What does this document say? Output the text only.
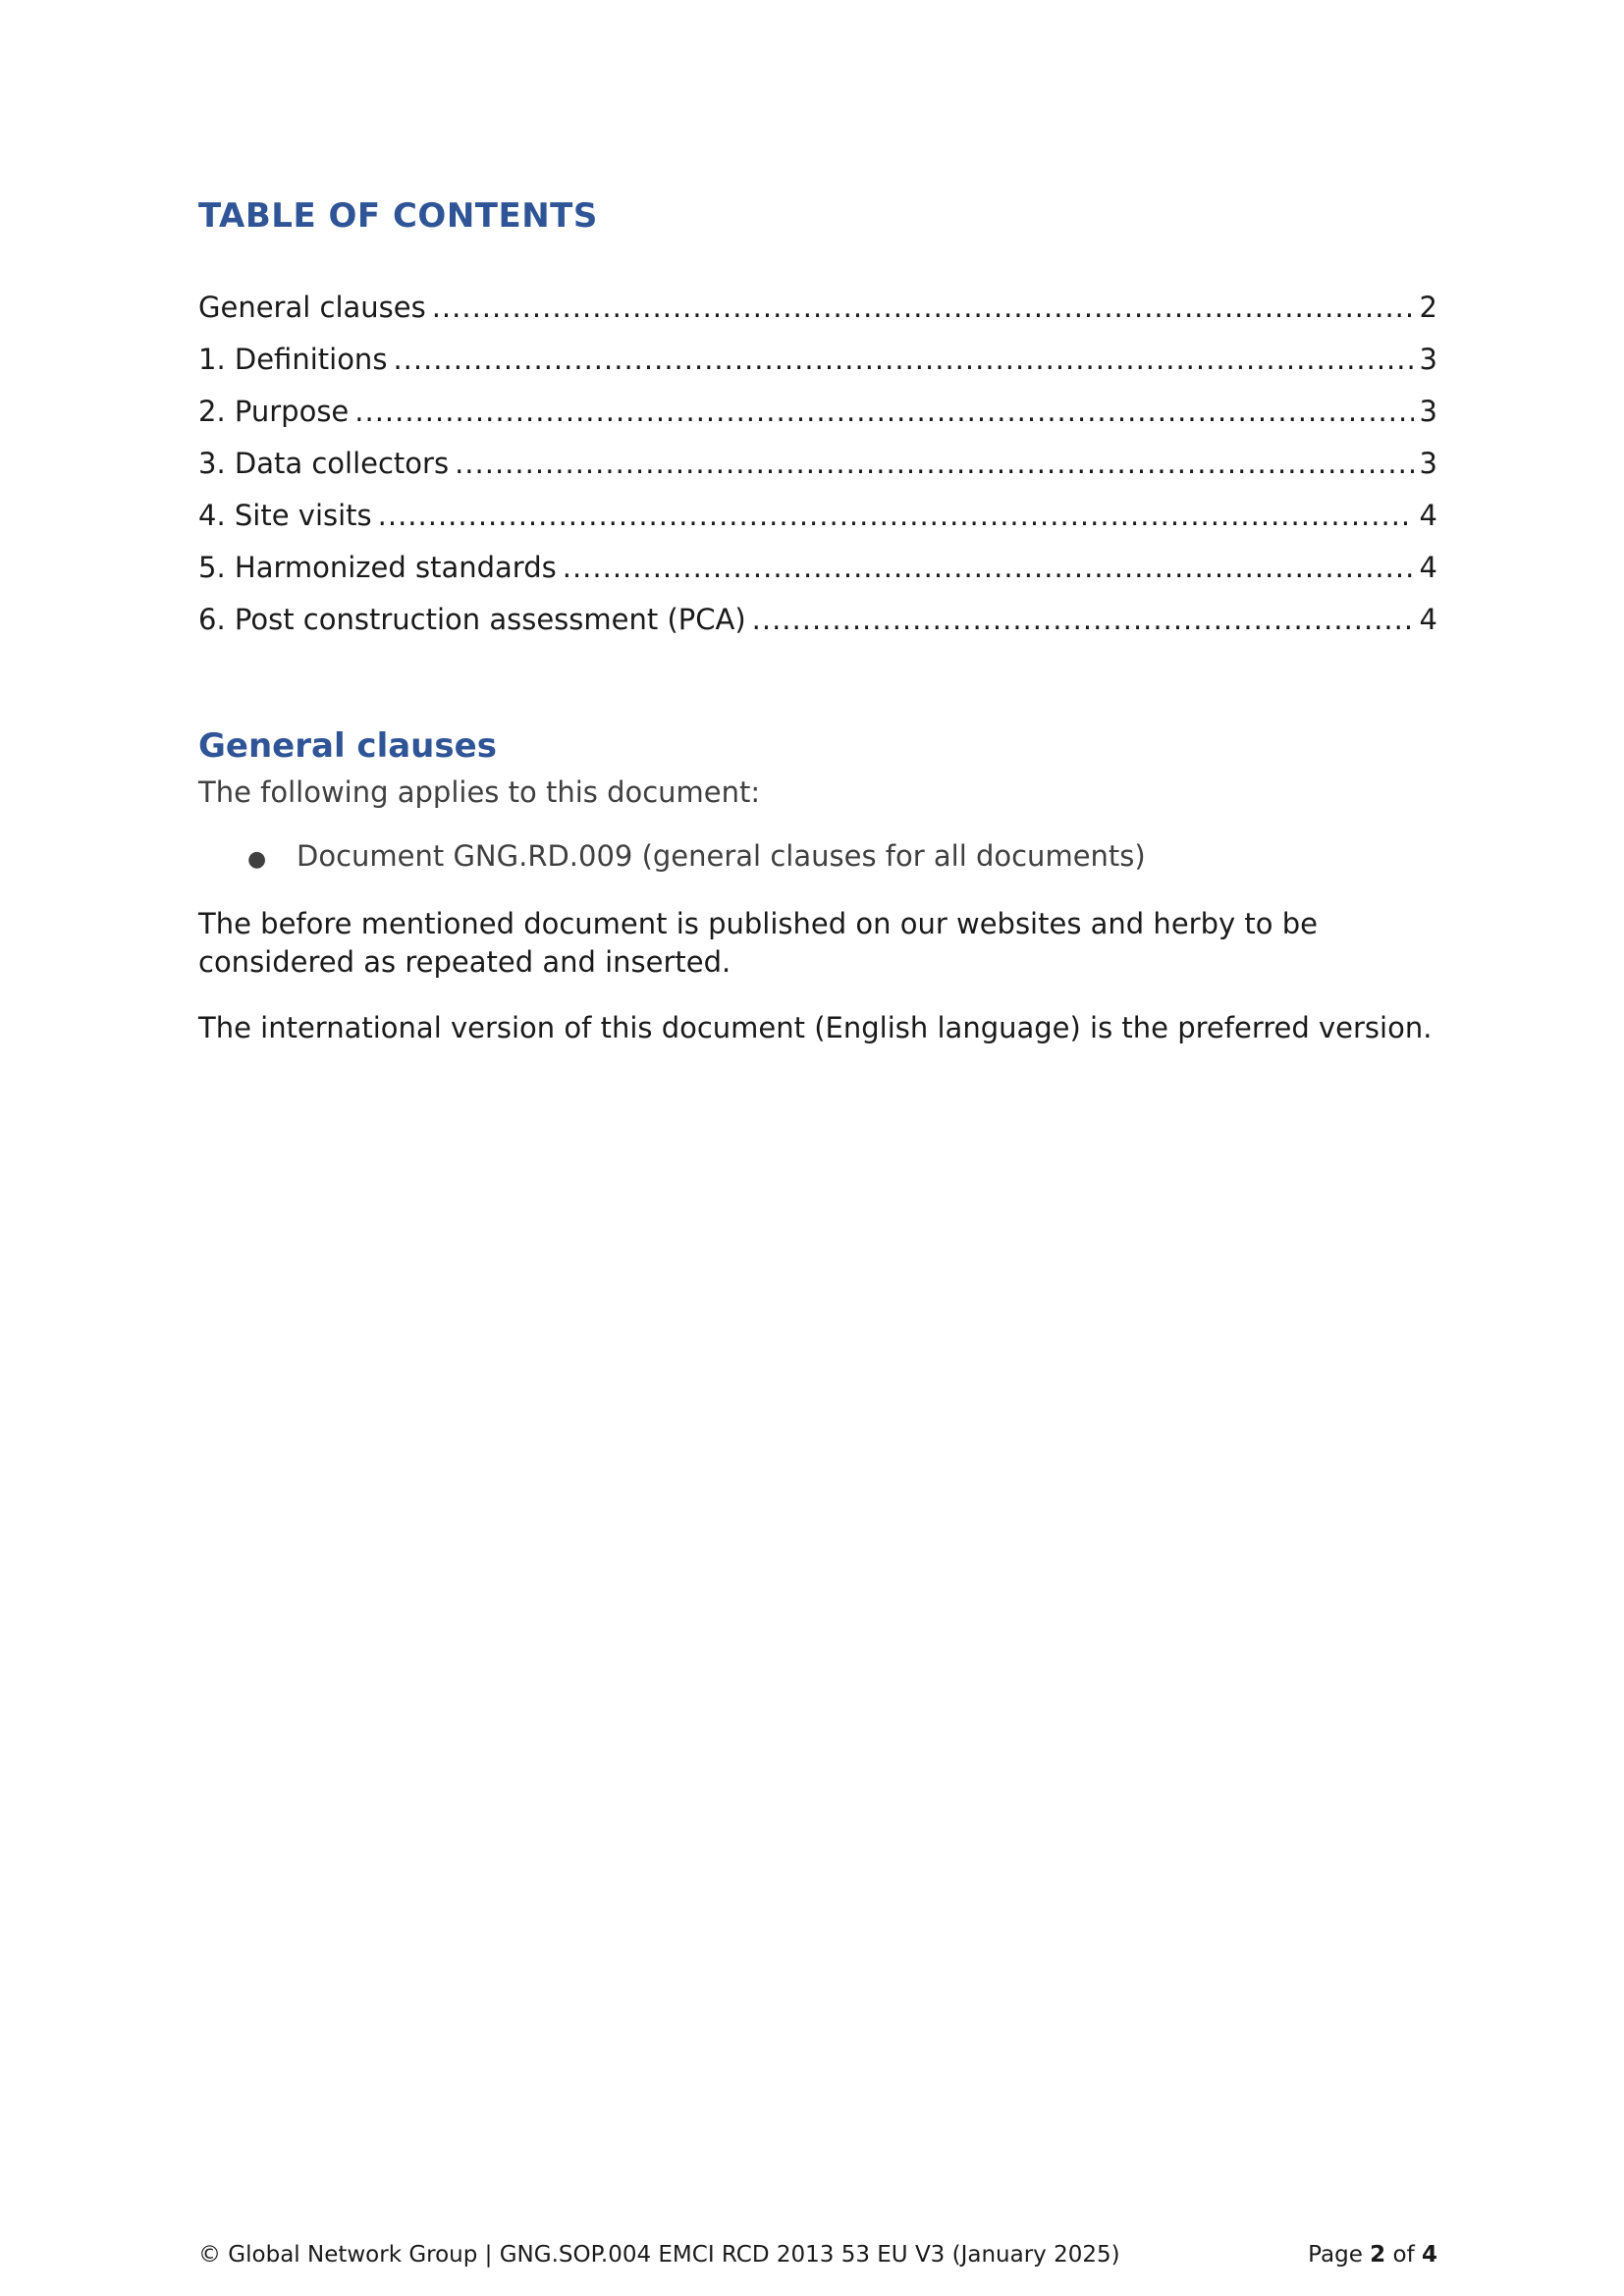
TABLE OF CONTENTS
General clauses .....	2
1. Definitions .....	3
2. Purpose .....	3
3. Data collectors .....	3
4. Site visits .....	4
5. Harmonized standards .....	4
6. Post construction assessment (PCA) .....	4
General clauses

The following applies to this document:

●	Document GNG.RD.009 (general clauses for all documents)

The before mentioned document is published on our websites and herby to be considered as repeated and inserted.

The international version of this document (English language) is the preferred version.

© Global Network Group | GNG.SOP.004 EMCI RCD 2013 53 EU V3 (January 2025)	Page 2 of 4
